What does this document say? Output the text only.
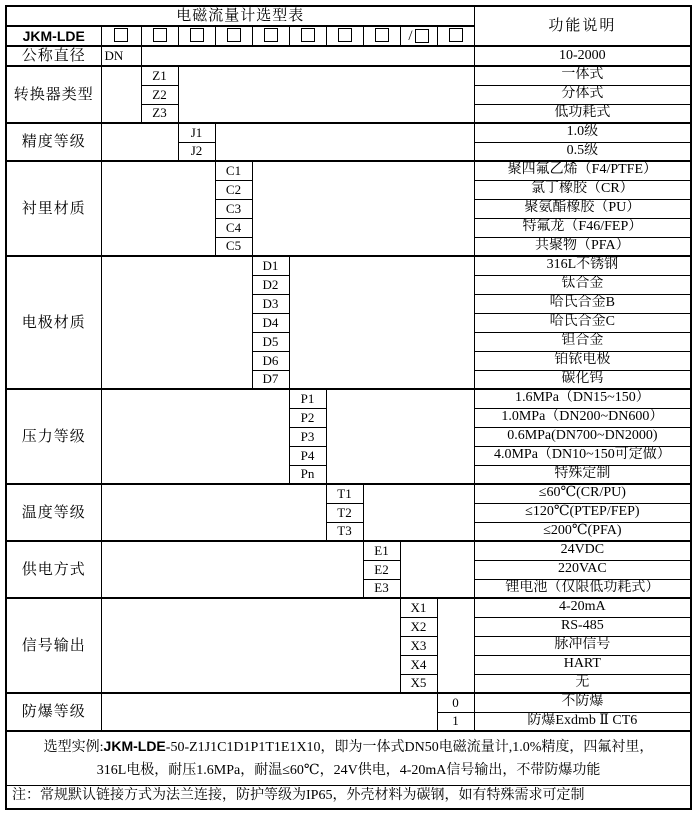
电磁流量计选型表											功能说明
JKM-LDE									/		
公称直径	DN										10-2000
转换器类型		Z1									一体式
		Z2									分体式
		Z3									低功耗式
精度等级			J1								1.0级
			J2								0.5级
衬里材质				C1							聚四氟乙烯（F4/PTFE）
				C2							氯丁橡胶（CR）
				C3							聚氨酯橡胶（PU）
				C4							特氟龙（F46/FEP）
				C5							共聚物（PFA）
电极材质					D1						316L不锈钢
					D2						钛合金
					D3						哈氏合金B
					D4						哈氏合金C
					D5						钽合金
					D6						铂铱电极
					D7						碳化钨
压力等级						P1					1.6MPa（DN15~150）
						P2					1.0MPa（DN200~DN600）
						P3					0.6MPa(DN700~DN2000)
						P4					4.0MPa（DN10~150可定做）
						Pn					特殊定制
温度等级							T1				≤60℃(CR/PU)
							T2				≤120℃(PTEP/FEP)
							T3				≤200℃(PFA)
供电方式								E1			24VDC
								E2			220VAC
								E3			锂电池（仅限低功耗式）
信号输出									X1		4-20mA
									X2		RS-485
									X3		脉冲信号
									X4		HART
									X5		无
防爆等级										0	不防爆
										1	防爆Exdmb Ⅱ CT6
选型实例:JKM-LDE-50-Z1J1C1D1P1T1E1X10，即为一体式DN50电磁流量计,1.0%精度，四氟衬里，
316L电极，耐压1.6MPa，耐温≤60℃，24V供电，4-20mA信号输出，不带防爆功能											
注：常规默认链接方式为法兰连接，防护等级为IP65，外壳材料为碳钢，如有特殊需求可定制											
